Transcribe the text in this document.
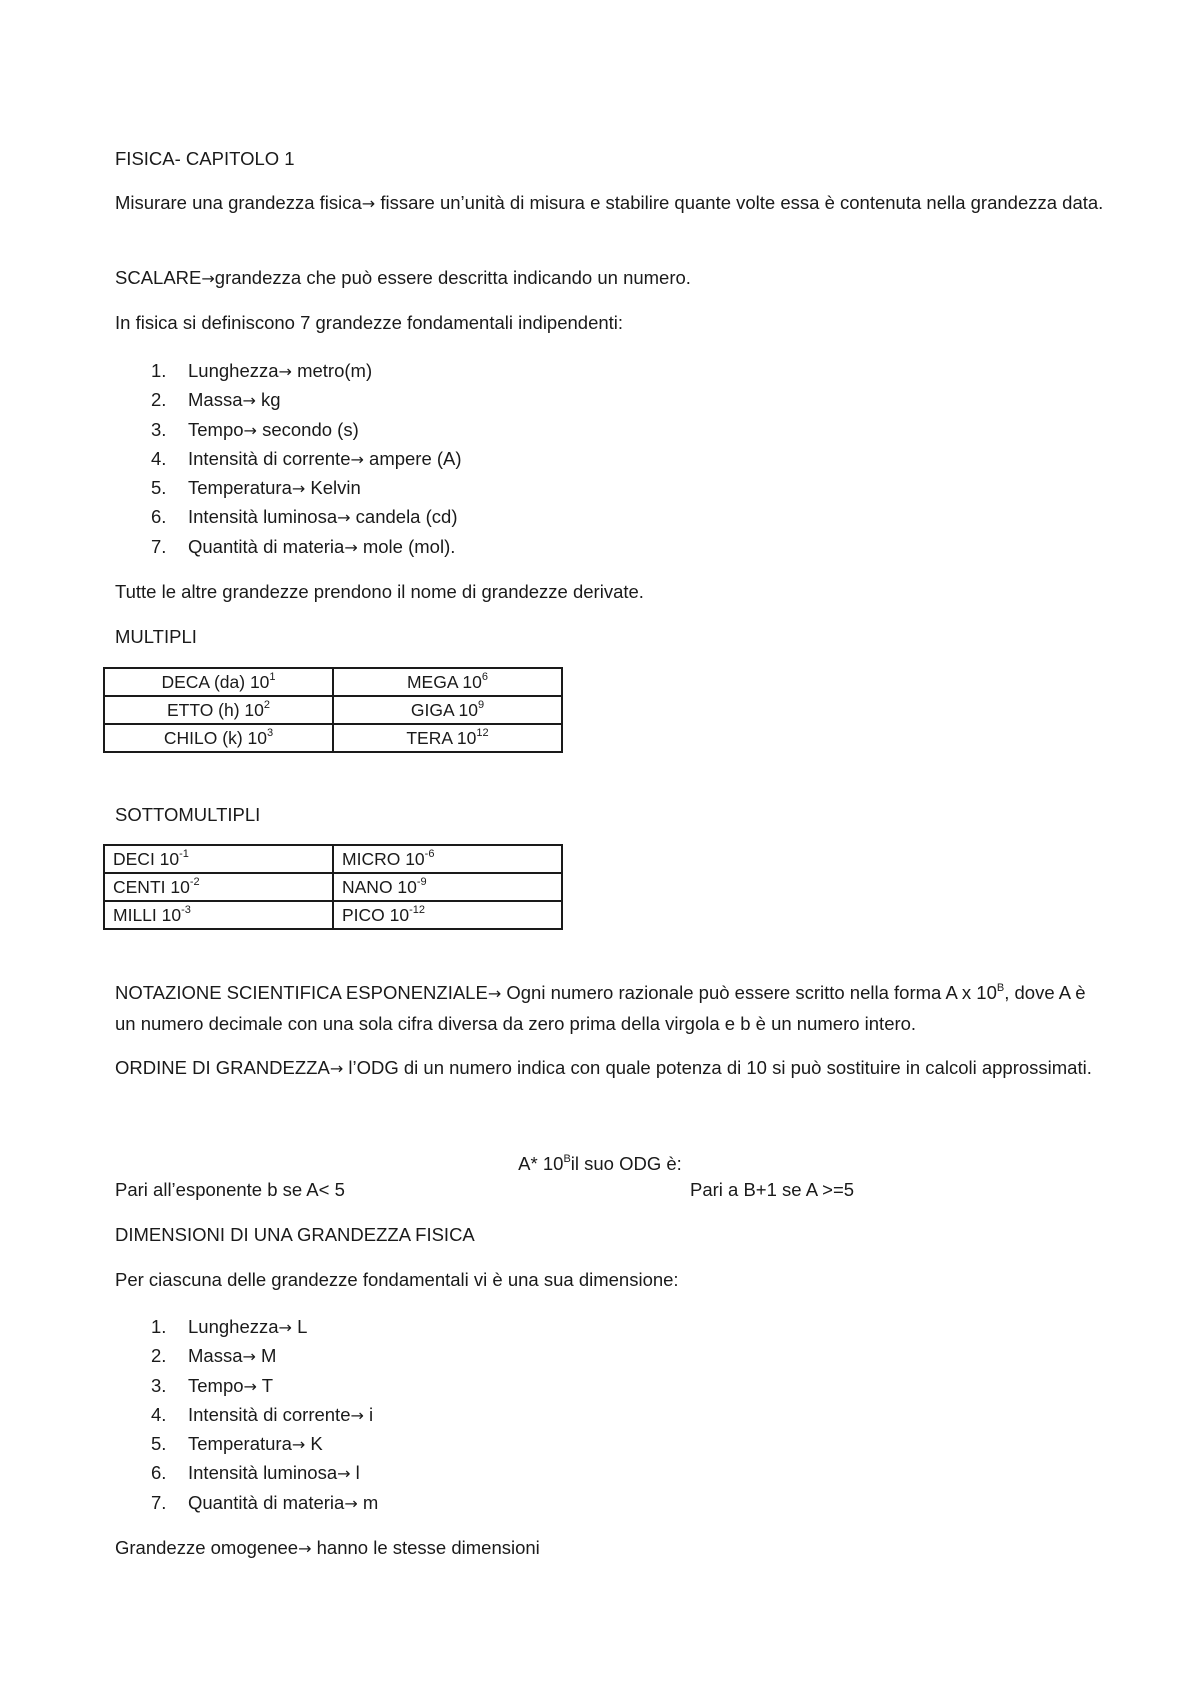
FISICA- CAPITOLO 1

Misurare una grandezza fisica→ fissare un’unità di misura e stabilire quante volte essa è contenuta nella grandezza data.

SCALARE→grandezza che può essere descritta indicando un numero.

In fisica si definiscono 7 grandezze fondamentali indipendenti:

1. Lunghezza→ metro(m)
2. Massa→ kg
3. Tempo→ secondo (s)
4. Intensità di corrente→ ampere (A)
5. Temperatura→ Kelvin
6. Intensità luminosa→ candela (cd)
7. Quantità di materia→ mole (mol).

Tutte le altre grandezze prendono il nome di grandezze derivate.

MULTIPLI

DECA (da) $10^1$	MEGA $10^6$
ETTO (h) $10^2$	GIGA $10^9$
CHILO (k) $10^3$	TERA $10^{12}$

SOTTOMULTIPLI

DECI $10^{-1}$	MICRO $10^{-6}$
CENTI $10^{-2}$	NANO $10^{-9}$
MILLI $10^{-3}$	PICO $10^{-12}$

NOTAZIONE SCIENTIFICA ESPONENZIALE→ Ogni numero razionale può essere scritto nella forma A x $10^B$, dove A è un numero decimale con una sola cifra diversa da zero prima della virgola e b è un numero intero.

ORDINE DI GRANDEZZA→ l’ODG di un numero indica con quale potenza di 10 si può sostituire in calcoli approssimati.

A* $10^Bil$ suo ODG è:

Pari all’esponente b se A< 5	Pari a B+1 se A >=5

DIMENSIONI DI UNA GRANDEZZA FISICA

Per ciascuna delle grandezze fondamentali vi è una sua dimensione:

1. Lunghezza→ L
2. Massa→ M
3. Tempo→ T
4. Intensità di corrente→ i
5. Temperatura→ K
6. Intensità luminosa→ l
7. Quantità di materia→ m

Grandezze omogenee→ hanno le stesse dimensioni
